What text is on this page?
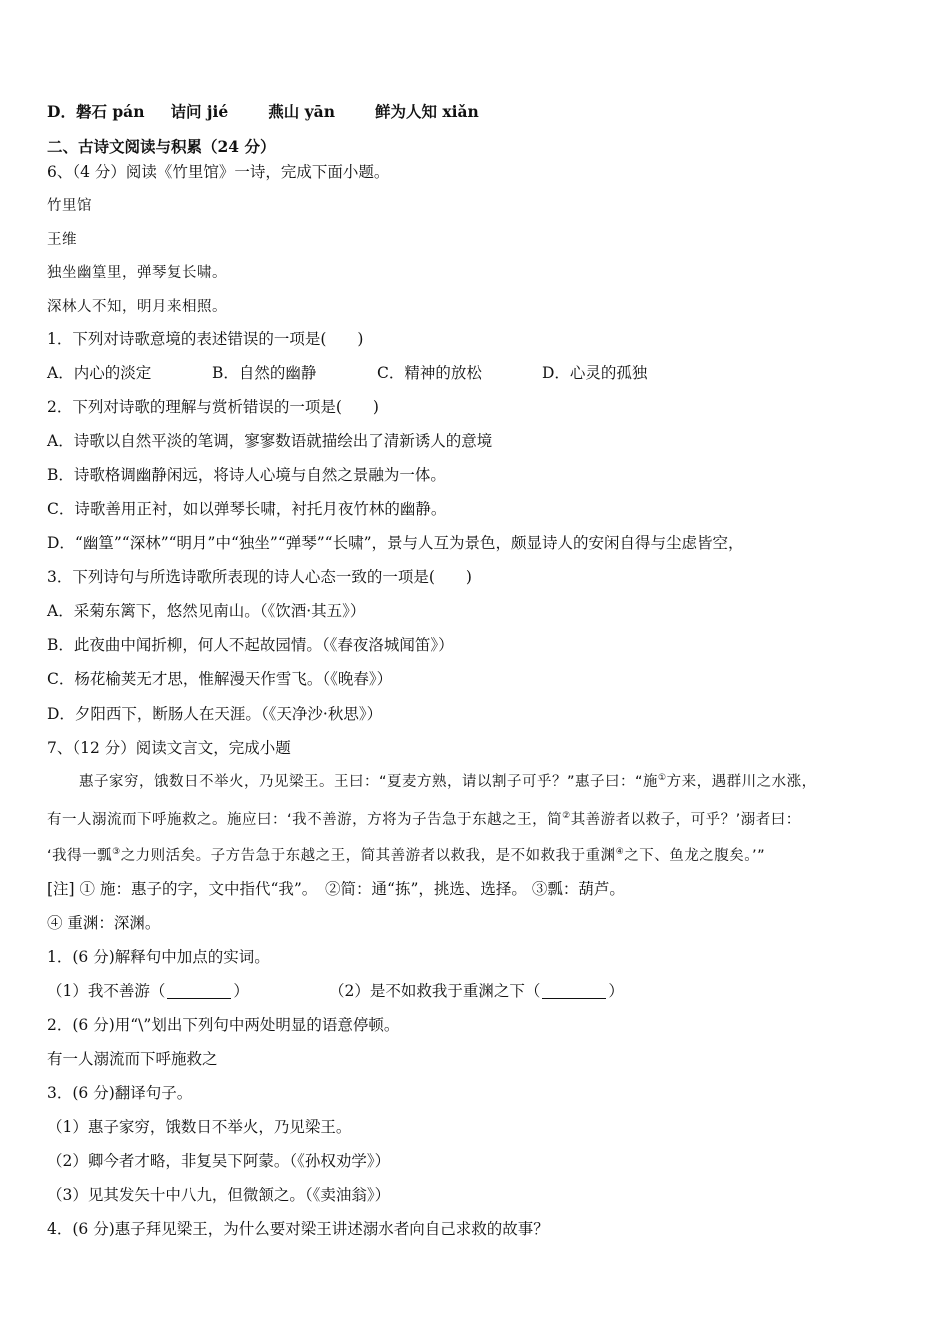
D．磐石 pán 诘问 jié	燕山 yān	鲜为人知 xiǎn
二、古诗文阅读与积累（24 分）
6、（4 分）阅读《竹里馆》一诗，完成下面小题。
竹里馆
王维
独坐幽篁里，弹琴复长啸。
深林人不知，明月来相照。
1．下列对诗歌意境的表述错误的一项是(　　)
A．内心的淡定	B．自然的幽静	C．精神的放松	D．心灵的孤独
2．下列对诗歌的理解与赏析错误的一项是(　　)
A．诗歌以自然平淡的笔调，寥寥数语就描绘出了清新诱人的意境
B．诗歌格调幽静闲远，将诗人心境与自然之景融为一体。
C．诗歌善用正衬，如以弹琴长啸，衬托月夜竹林的幽静。
D．“幽篁”“深林”“明月”中“独坐”“弹琴”“长啸”，景与人互为景色，颇显诗人的安闲自得与尘虑皆空，
3．下列诗句与所选诗歌所表现的诗人心态一致的一项是(　　)
A．采菊东篱下，悠然见南山。（《饮酒·其五》）
B．此夜曲中闻折柳，何人不起故园情。（《春夜洛城闻笛》）
C．杨花榆荚无才思，惟解漫天作雪飞。（《晚春》）
D．夕阳西下，断肠人在天涯。（《天净沙·秋思》）
7、（12 分）阅读文言文，完成小题
惠子家穷，饿数日不举火，乃见梁王。王曰：“夏麦方熟，请以割子可乎？”惠子曰：“施①方来，遇群川之水涨，
有一人溺流而下呼施救之。施应曰：‘我不善游，方将为子告急于东越之王，简②其善游者以救子，可乎？’溺者曰：
‘我得一瓢③之力则活矣。子方告急于东越之王，简其善游者以救我，是不如救我于重渊④之下、鱼龙之腹矣。’”
[注] ① 施：惠子的字，文中指代“我”。　②简：通“拣”，挑选、选择。 ③瓢：葫芦。
④ 重渊：深渊。
1．(6 分)解释句中加点的实词。
（1）我不善游（	）	（2）是不如救我于重渊之下（	）
2．(6 分)用“\”划出下列句中两处明显的语意停顿。
有一人溺流而下呼施救之
3．(6 分)翻译句子。
（1）惠子家穷，饿数日不举火，乃见梁王。
（2）卿今者才略，非复吴下阿蒙。（《孙权劝学》）
（3）见其发矢十中八九，但微颔之。（《卖油翁》）
4．(6 分)惠子拜见梁王，为什么要对梁王讲述溺水者向自己求救的故事？
